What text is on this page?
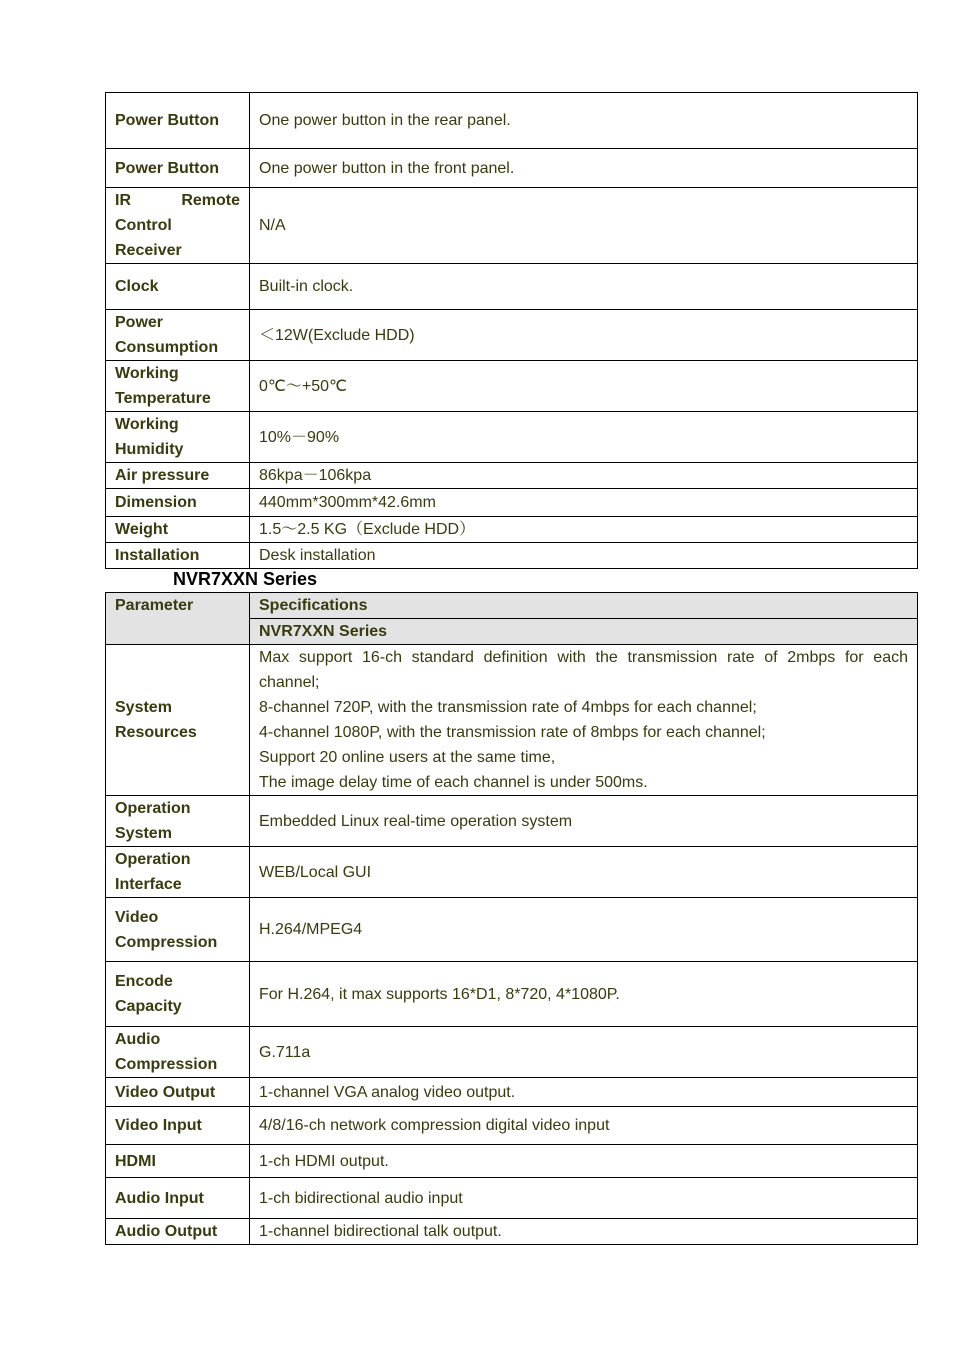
Power Button	One power button in the rear panel.
Power Button	One power button in the front panel.

IR Remote
Control
Receiver	N/A
Clock	Built-in clock.

Power
Consumption	＜12W(Exclude HDD)

Working
Temperature	0℃～+50℃

Working
Humidity	10%－90%
Air pressure	86kpa－106kpa
Dimension	440mm*300mm*42.6mm
Weight	1.5～2.5 KG（Exclude HDD）
Installation	Desk installation
NVR7XXN Series
Parameter	Specifications
	NVR7XXN Series

System
Resources	Max support 16-ch standard definition with the transmission rate of 2mbps for each channel;
8-channel 720P, with the transmission rate of 4mbps for each channel;
4-channel 1080P, with the transmission rate of 8mbps for each channel;
Support 20 online users at the same time,
The image delay time of each channel is under 500ms.

Operation
System	Embedded Linux real-time operation system

Operation
Interface	WEB/Local GUI

Video
Compression	H.264/MPEG4

Encode
Capacity	For H.264, it max supports 16*D1, 8*720, 4*1080P.

Audio
Compression	G.711a
Video Output	1-channel VGA analog video output.
Video Input	4/8/16-ch network compression digital video input
HDMI	1-ch HDMI output.
Audio Input	1-ch bidirectional audio input
Audio Output	1-channel bidirectional talk output.
